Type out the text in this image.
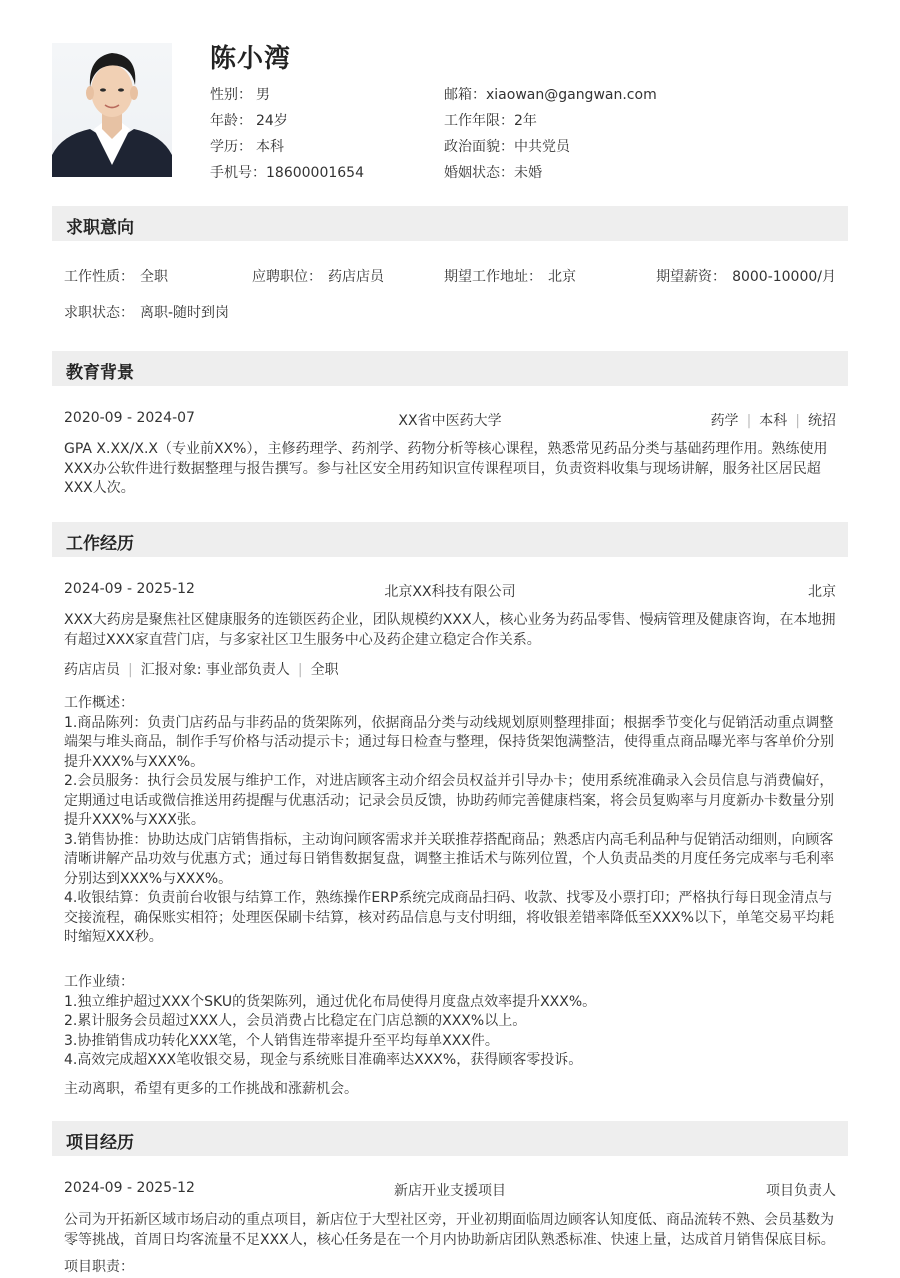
陈小湾
性别： 男
年龄： 24岁
学历： 本科
手机号：18600001654
邮箱：xiaowan@gangwan.com
工作年限：2年
政治面貌：中共党员
婚姻状态：未婚
求职意向
工作性质： 全职	应聘职位： 药店店员	期望工作地址： 北京	期望薪资： 8000-10000/月
求职状态： 离职-随时到岗
教育背景
2020-09 - 2024-07	XX省中医药大学	药学 | 本科 | 统招
GPA X.XX/X.X（专业前XX%），主修药理学、药剂学、药物分析等核心课程，熟悉常见药品分类与基础药理作用。熟练使用XXX办公软件进行数据整理与报告撰写。参与社区安全用药知识宣传课程项目，负责资料收集与现场讲解，服务社区居民超XXX人次。
工作经历
2024-09 - 2025-12	北京XX科技有限公司	北京
XXX大药房是聚焦社区健康服务的连锁医药企业，团队规模约XXX人，核心业务为药品零售、慢病管理及健康咨询，在本地拥有超过XXX家直营门店，与多家社区卫生服务中心及药企建立稳定合作关系。
药店店员 | 汇报对象: 事业部负责人 | 全职
工作概述：
1.商品陈列：负责门店药品与非药品的货架陈列，依据商品分类与动线规划原则整理排面；根据季节变化与促销活动重点调整端架与堆头商品，制作手写价格与活动提示卡；通过每日检查与整理，保持货架饱满整洁，使得重点商品曝光率与客单价分别提升XXX%与XXX%。
2.会员服务：执行会员发展与维护工作，对进店顾客主动介绍会员权益并引导办卡；使用系统准确录入会员信息与消费偏好，定期通过电话或微信推送用药提醒与优惠活动；记录会员反馈，协助药师完善健康档案，将会员复购率与月度新办卡数量分别提升XXX%与XXX张。
3.销售协推：协助达成门店销售指标，主动询问顾客需求并关联推荐搭配商品；熟悉店内高毛利品种与促销活动细则，向顾客清晰讲解产品功效与优惠方式；通过每日销售数据复盘，调整主推话术与陈列位置，个人负责品类的月度任务完成率与毛利率分别达到XXX%与XXX%。
4.收银结算：负责前台收银与结算工作，熟练操作ERP系统完成商品扫码、收款、找零及小票打印；严格执行每日现金清点与交接流程，确保账实相符；处理医保刷卡结算，核对药品信息与支付明细，将收银差错率降低至XXX%以下，单笔交易平均耗时缩短XXX秒。
工作业绩：
1.独立维护超过XXX个SKU的货架陈列，通过优化布局使得月度盘点效率提升XXX%。
2.累计服务会员超过XXX人，会员消费占比稳定在门店总额的XXX%以上。
3.协推销售成功转化XXX笔，个人销售连带率提升至平均每单XXX件。
4.高效完成超XXX笔收银交易，现金与系统账目准确率达XXX%，获得顾客零投诉。
主动离职，希望有更多的工作挑战和涨薪机会。
项目经历
2024-09 - 2025-12	新店开业支援项目	项目负责人
公司为开拓新区域市场启动的重点项目，新店位于大型社区旁，开业初期面临周边顾客认知度低、商品流转不熟、会员基数为零等挑战，首周日均客流量不足XXX人，核心任务是在一个月内协助新店团队熟悉标准、快速上量，达成首月销售保底目标。
项目职责：
